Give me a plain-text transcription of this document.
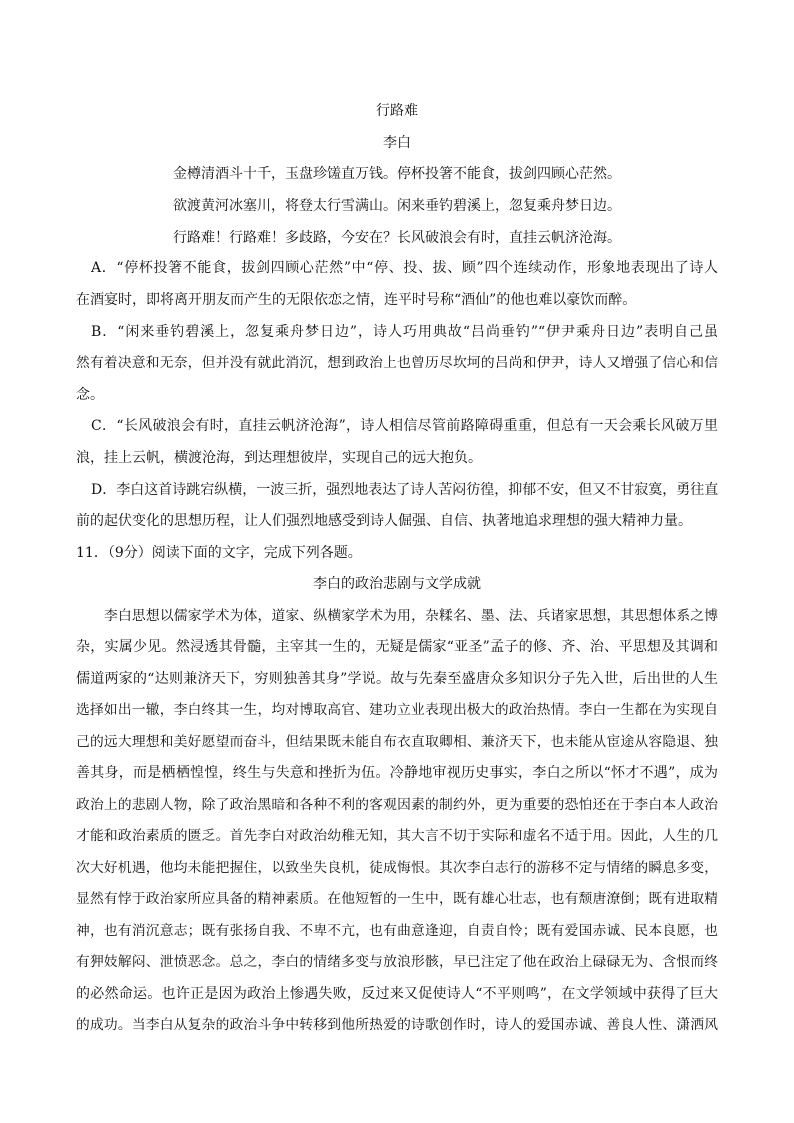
行路难
李白
金樽清酒斗十千，玉盘珍馐直万钱。停杯投箸不能食，拔剑四顾心茫然。
欲渡黄河冰塞川，将登太行雪满山。闲来垂钓碧溪上，忽复乘舟梦日边。
行路难！行路难！多歧路，今安在？长风破浪会有时，直挂云帆济沧海。
A．“停杯投箸不能食，拔剑四顾心茫然”中“停、投、拔、顾”四个连续动作，形象地表现出了诗人
在酒宴时，即将离开朋友而产生的无限依恋之情，连平时号称“酒仙”的他也难以豪饮而醉。
B．“闲来垂钓碧溪上，忽复乘舟梦日边”，诗人巧用典故“吕尚垂钓”“伊尹乘舟日边”表明自己虽
然有着决意和无奈，但并没有就此消沉，想到政治上也曾历尽坎坷的吕尚和伊尹，诗人又增强了信心和信
念。
C．“长风破浪会有时，直挂云帆济沧海”，诗人相信尽管前路障碍重重，但总有一天会乘长风破万里
浪，挂上云帆，横渡沧海，到达理想彼岸，实现自己的远大抱负。
D．李白这首诗跳宕纵横，一波三折，强烈地表达了诗人苦闷彷徨，抑郁不安，但又不甘寂寞，勇往直
前的起伏变化的思想历程，让人们强烈地感受到诗人倔强、自信、执著地追求理想的强大精神力量。
11．（9分）阅读下面的文字，完成下列各题。
李白的政治悲剧与文学成就
李白思想以儒家学术为体，道家、纵横家学术为用，杂糅名、墨、法、兵诸家思想，其思想体系之博
杂，实属少见。然浸透其骨髓，主宰其一生的，无疑是儒家“亚圣”孟子的修、齐、治、平思想及其调和
儒道两家的“达则兼济天下，穷则独善其身”学说。故与先秦至盛唐众多知识分子先入世，后出世的人生
选择如出一辙，李白终其一生，均对博取高官、建功立业表现出极大的政治热情。李白一生都在为实现自
己的远大理想和美好愿望而奋斗，但结果既未能自布衣直取卿相、兼济天下，也未能从宦途从容隐退、独
善其身，而是栖栖惶惶，终生与失意和挫折为伍。冷静地审视历史事实，李白之所以“怀才不遇”，成为
政治上的悲剧人物，除了政治黑暗和各种不利的客观因素的制约外，更为重要的恐怕还在于李白本人政治
才能和政治素质的匮乏。首先李白对政治幼稚无知，其大言不切于实际和虚名不适于用。因此，人生的几
次大好机遇，他均未能把握住，以致坐失良机，徒成悔恨。其次李白志行的游移不定与情绪的瞬息多变，
显然有悖于政治家所应具备的精神素质。在他短暂的一生中，既有雄心壮志，也有颓唐潦倒；既有进取精
神，也有消沉意志；既有张扬自我、不卑不亢，也有曲意逢迎，自责自怜；既有爱国赤诚、民本良愿，也
有狎妓解闷、泄愤恶念。总之，李白的情绪多变与放浪形骸，早已注定了他在政治上碌碌无为、含恨而终
的必然命运。也许正是因为政治上惨遇失败，反过来又促使诗人“不平则鸣”，在文学领域中获得了巨大
的成功。当李白从复杂的政治斗争中转移到他所热爱的诗歌创作时，诗人的爱国赤诚、善良人性、潇洒风
